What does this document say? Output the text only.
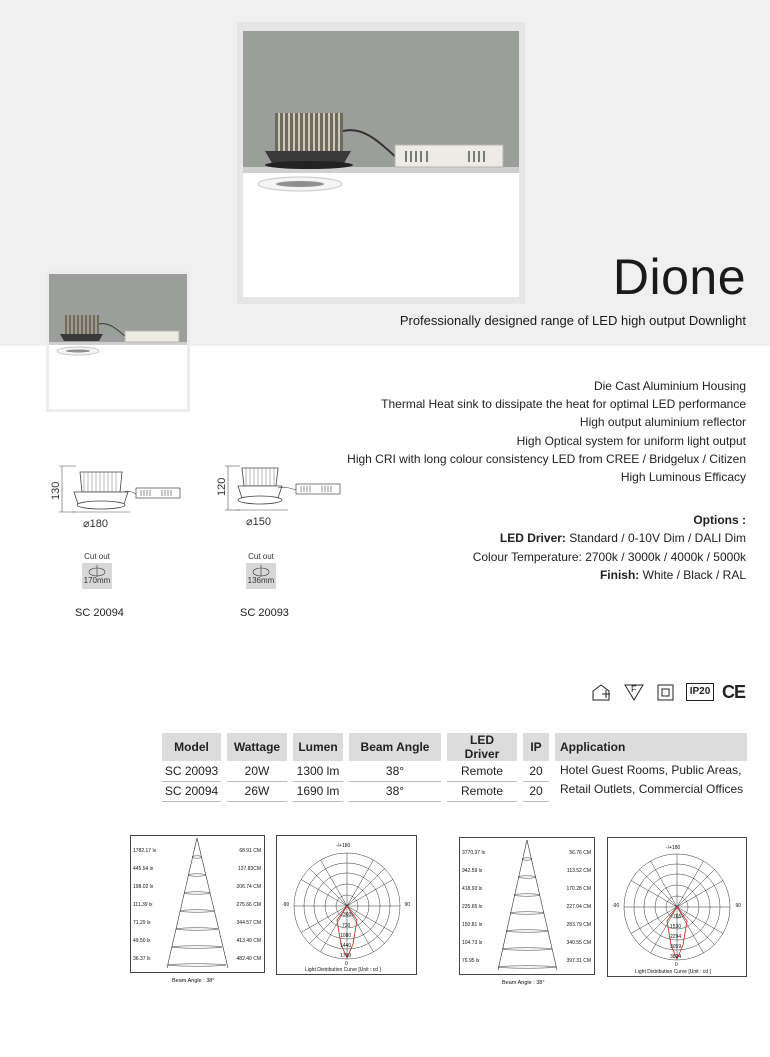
Dione
Professionally designed range of LED high output Downlight
Die Cast Aluminium Housing
Thermal Heat sink to dissipate the heat for optimal LED performance
High output aluminium reflector
High Optical system for uniform light output
High CRI with long colour consistency LED from CREE / Bridgelux / Citizen
High Luminous Efficacy
Options :
LED Driver: Standard / 0-10V Dim / DALI Dim
Colour Temperature: 2700k / 3000k / 4000k / 5000k
Finish: White / Black / RAL
130
⌀180
Cut out
170mm
SC 20094
120
⌀150
Cut out
136mm
SC 20093
F	IP20 CE
Model	Wattage	Lumen	Beam Angle	LED Driver	IP	Application
SC 20093	20W	1300 lm	38°	Remote	20	Hotel Guest Rooms, Public Areas,
Retail Outlets, Commercial Offices

SC 20094	26W	1690 lm	38°	Remote	20	
1782.17 lx
445.54 lx
198.02 lx
111.39 lx
71.29 lx
49.50 lx
36.37 lx
68.91 CM
137.83CM
206.74 CM
275.66 CM
344.57 CM
413.49 CM
482.40 CM
Beam Angle : 38°
-/+180
-90	90
360
720
1080
1440
1799
0
Light Distribution Curve [Unit : cd ]
3770.37 lx
942.59 lx
418.93 lx
235.65 lx
150.81 lx
104.73 lx
76.95 lx
56.76 CM
113.52 CM
170.28 CM
227.04 CM
283.79 CM
340.55 CM
397.31 CM
Beam Angle : 38°
-/+180
-90	90
765
1530
2294
3059
3824
0
Light Distribution Curve [Unit : cd ]
